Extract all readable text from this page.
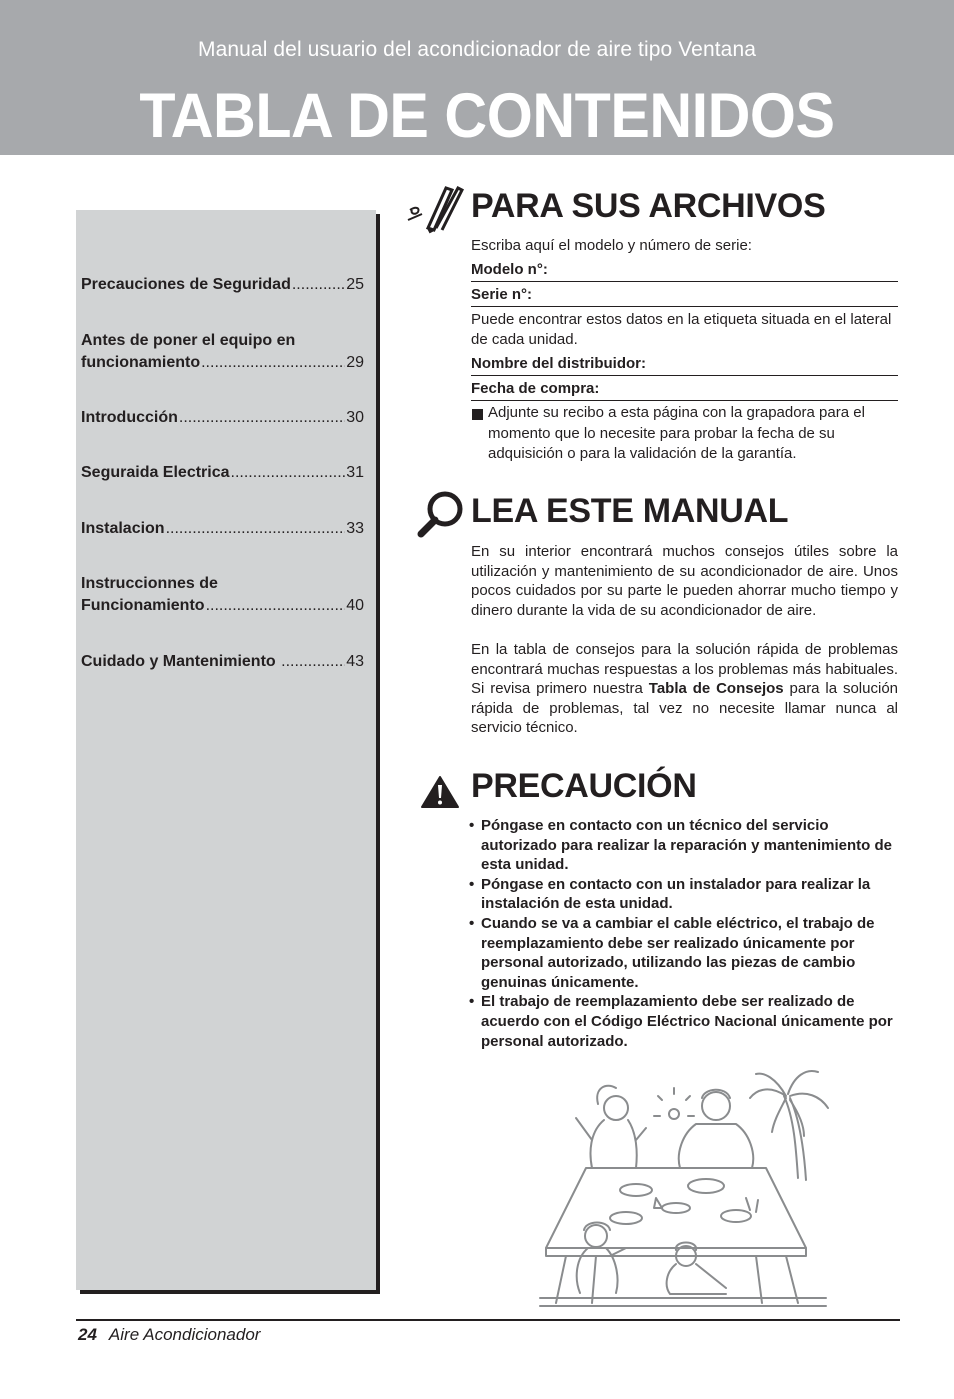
Manual del usuario del acondicionador de aire tipo Ventana
TABLA DE CONTENIDOS
Precauciones de Seguridad .....	25
Antes de poner el equipo en
funcionamiento .....	29
Introducción .....	30
Seguraida Electrica .....	31
Instalacion .....	33
Instruccionnes de
Funcionamiento .....	40
Cuidado y Mantenimiento .....	43
PARA SUS ARCHIVOS
Escriba aquí el modelo y número de serie:
Modelo n°:
Serie n°:
Puede encontrar estos datos en la etiqueta situada en el lateral de cada unidad.
Nombre del distribuidor:
Fecha de compra:
Adjunte su recibo a esta página con la grapadora para el momento que lo necesite para probar la fecha de su adquisición o para la validación de la garantía.
LEA ESTE MANUAL
En su interior encontrará muchos consejos útiles sobre la utilización y mantenimiento de su acondicionador de aire. Unos pocos cuidados por su parte le pueden ahorrar mucho tiempo y dinero durante la vida de su acondicionador de aire.
En la tabla de consejos para la solución rápida de problemas encontrará muchas respuestas a los problemas más habituales. Si revisa primero nuestra Tabla de Consejos para la solución rápida de problemas, tal vez no necesite llamar nunca al servicio técnico.
PRECAUCIÓN
• Póngase en contacto con un técnico del servicio autorizado para realizar la reparación y mantenimiento de esta unidad.
• Póngase en contacto con un instalador para realizar la instalación de esta unidad.
• Cuando se va a cambiar el cable eléctrico, el trabajo de reemplazamiento debe ser realizado únicamente por personal autorizado, utilizando las piezas de cambio genuinas únicamente.
• El trabajo de reemplazamiento debe ser realizado de acuerdo con el Código Eléctrico Nacional únicamente por personal autorizado.
24 Aire Acondicionador
